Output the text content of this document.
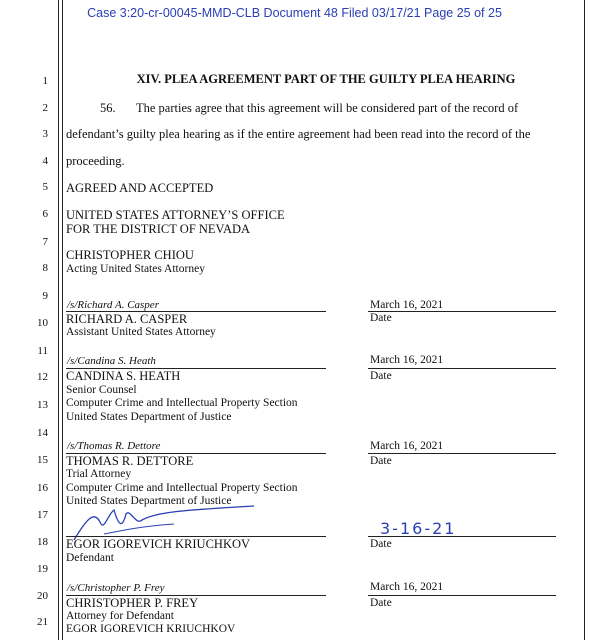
Case 3:20-cr-00045-MMD-CLB Document 48 Filed 03/17/21 Page 25 of 25
1
2
3
4
5
6
7
8
9
10
11
12
13
14
15
16
17
18
19
20
21
XIV. PLEA AGREEMENT PART OF THE GUILTY PLEA HEARING
56. The parties agree that this agreement will be considered part of the record of
defendant’s guilty plea hearing as if the entire agreement had been read into the record of the
proceeding.
AGREED AND ACCEPTED
UNITED STATES ATTORNEY’S OFFICE
FOR THE DISTRICT OF NEVADA
CHRISTOPHER CHIOU
Acting United States Attorney
/s/Richard A. Casper
RICHARD A. CASPER
Assistant United States Attorney
March 16, 2021
Date
/s/Candina S. Heath
CANDINA S. HEATH
Senior Counsel
Computer Crime and Intellectual Property Section
United States Department of Justice
March 16, 2021
Date
/s/Thomas R. Dettore
THOMAS R. DETTORE
Trial Attorney
Computer Crime and Intellectual Property Section
United States Department of Justice
March 16, 2021
Date
EGOR IGOREVICH KRIUCHKOV
Defendant
3-16-21
Date
/s/Christopher P. Frey
CHRISTOPHER P. FREY
Attorney for Defendant
EGOR IGOREVICH KRIUCHKOV
March 16, 2021
Date
